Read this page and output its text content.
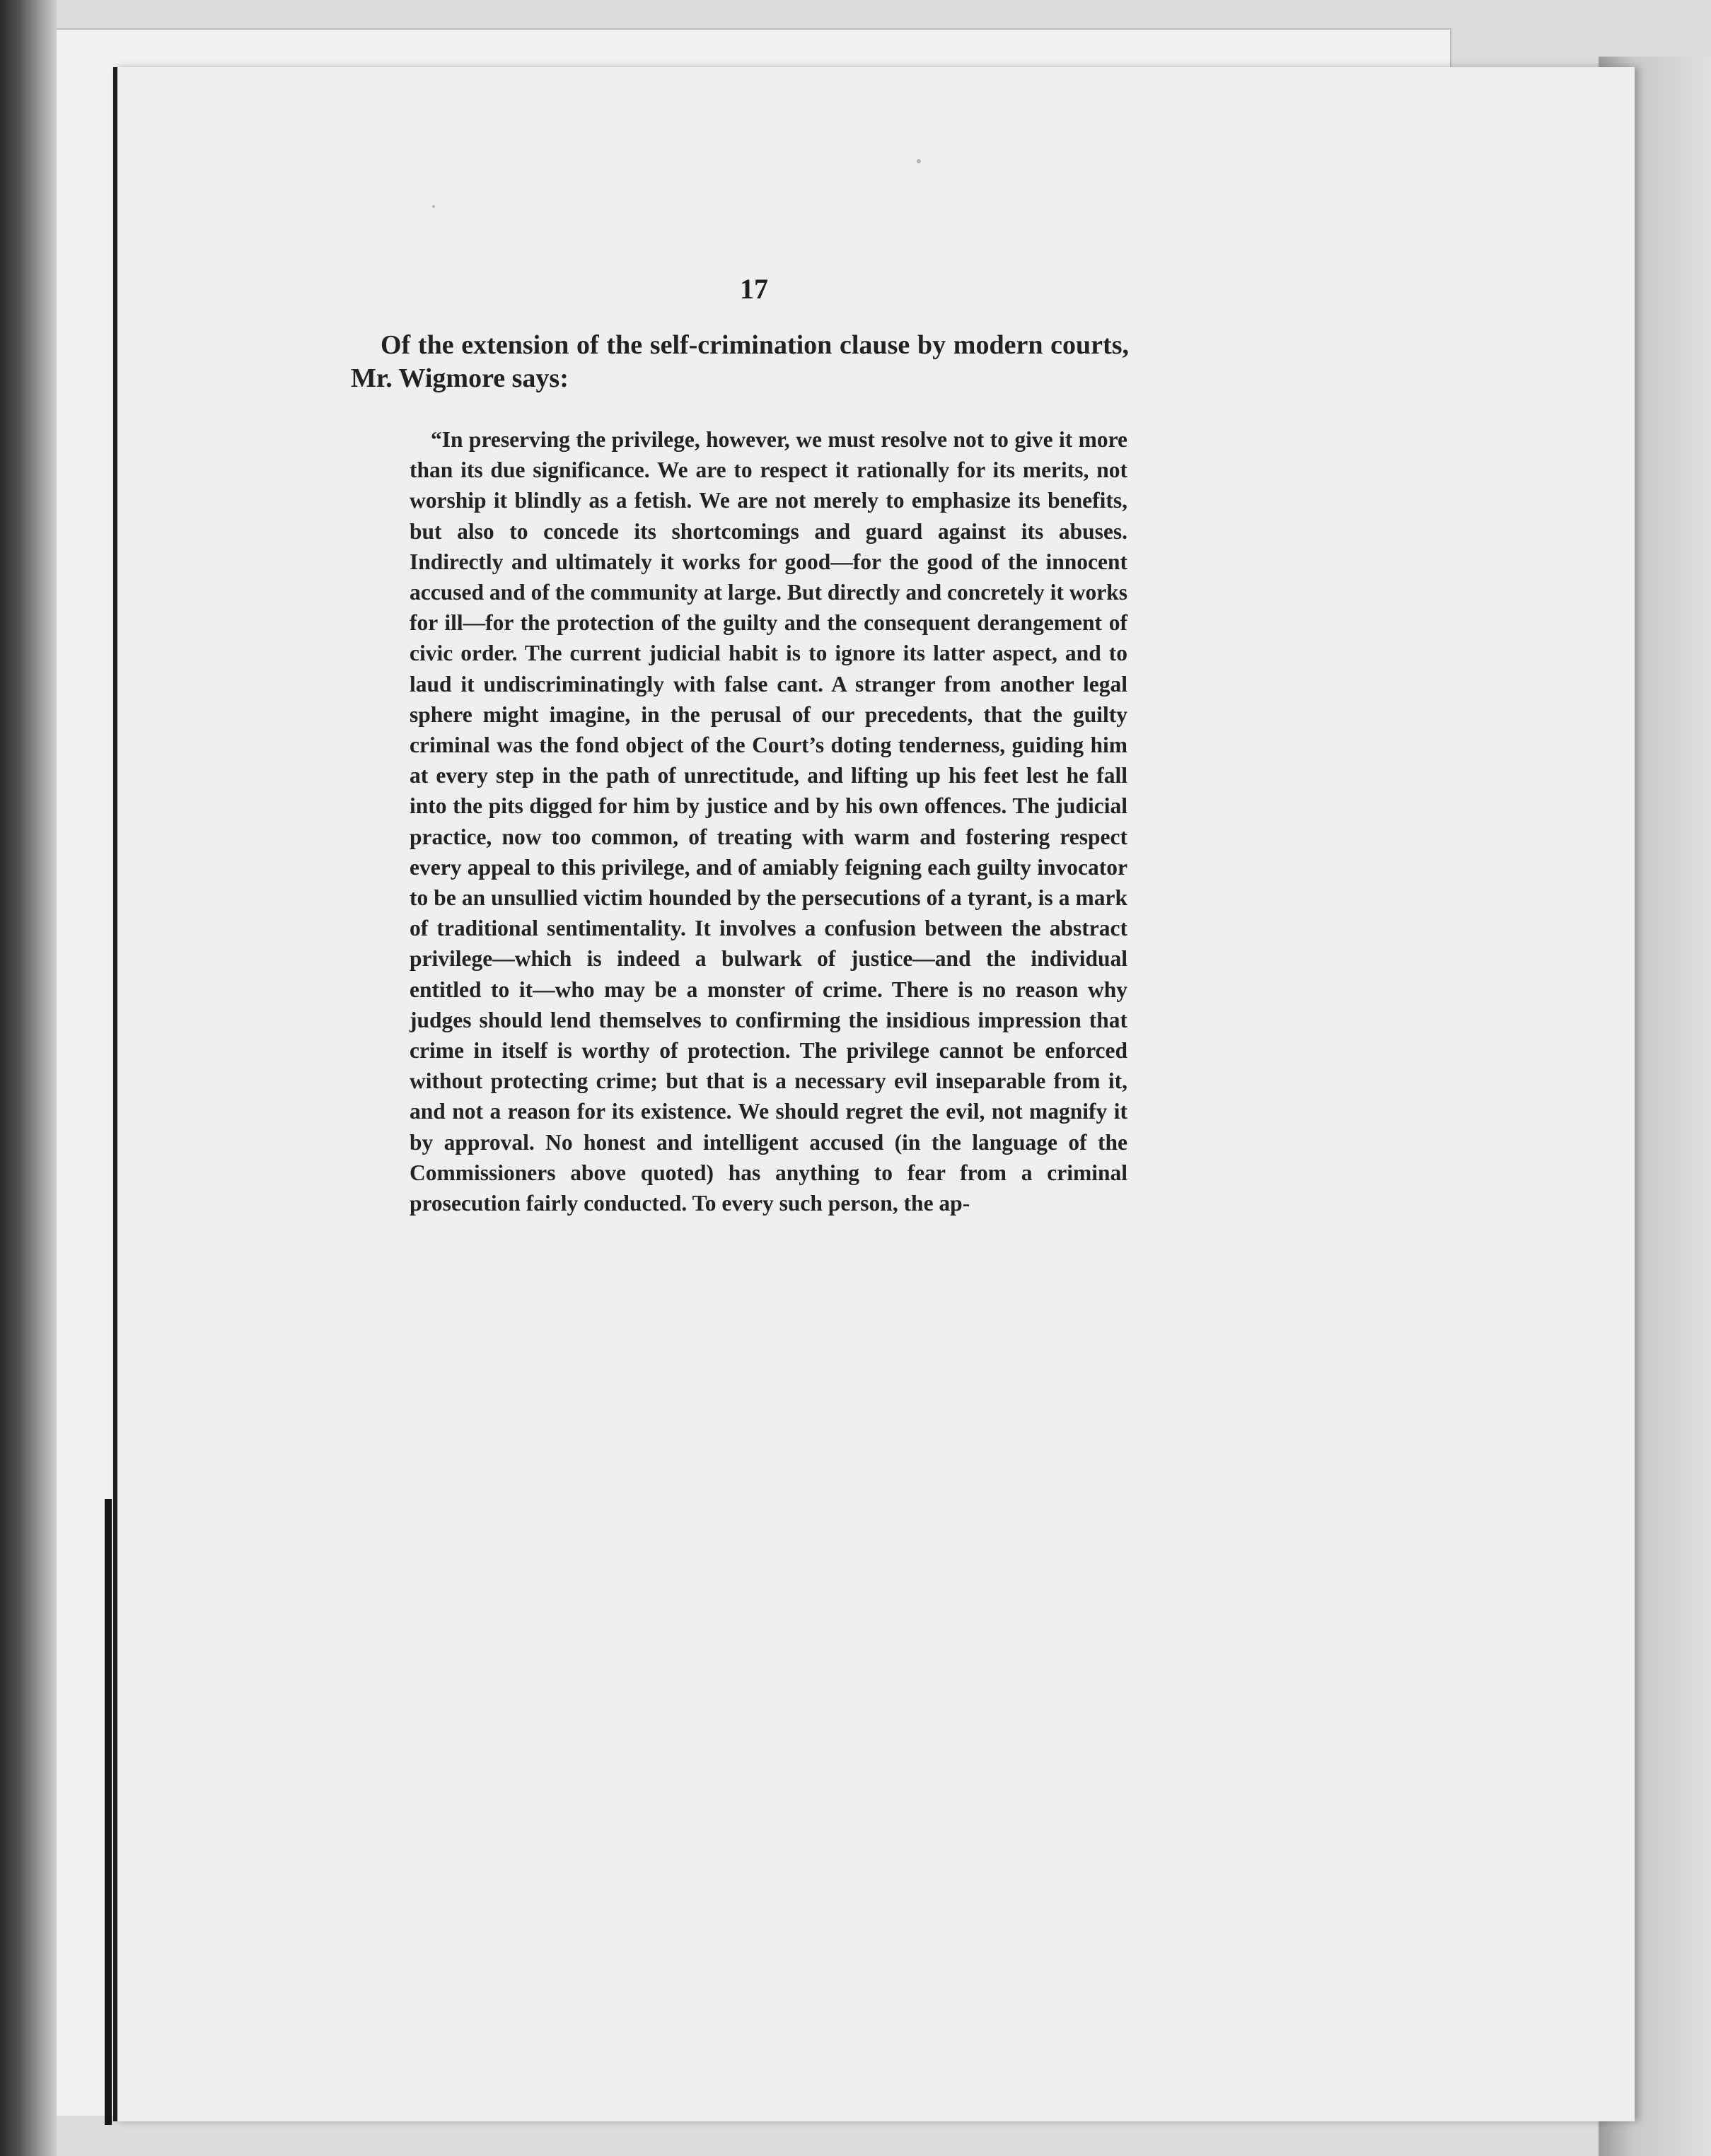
17

Of the extension of the self-crimination clause by modern courts, Mr. Wigmore says:

“In preserving the privilege, however, we must resolve not to give it more than its due significance. We are to respect it rationally for its merits, not worship it blindly as a fetish. We are not merely to emphasize its benefits, but also to concede its shortcomings and guard against its abuses. Indirectly and ultimately it works for good—for the good of the innocent accused and of the community at large. But directly and concretely it works for ill—for the protection of the guilty and the consequent derangement of civic order. The current judicial habit is to ignore its latter aspect, and to laud it undiscriminatingly with false cant. A stranger from another legal sphere might imagine, in the perusal of our precedents, that the guilty criminal was the fond object of the Court’s doting tenderness, guiding him at every step in the path of unrectitude, and lifting up his feet lest he fall into the pits digged for him by justice and by his own offences. The judicial practice, now too common, of treating with warm and fostering respect every appeal to this privilege, and of amiably feigning each guilty invocator to be an unsullied victim hounded by the persecutions of a tyrant, is a mark of traditional sentimentality. It involves a confusion between the abstract privilege—which is indeed a bulwark of justice—and the individual entitled to it—who may be a monster of crime. There is no reason why judges should lend themselves to confirming the insidious impression that crime in itself is worthy of protection. The privilege cannot be enforced without protecting crime; but that is a necessary evil inseparable from it, and not a reason for its existence. We should regret the evil, not magnify it by approval. No honest and intelligent accused (in the language of the Commissioners above quoted) has anything to fear from a criminal prosecution fairly conducted. To every such person, the ap-
